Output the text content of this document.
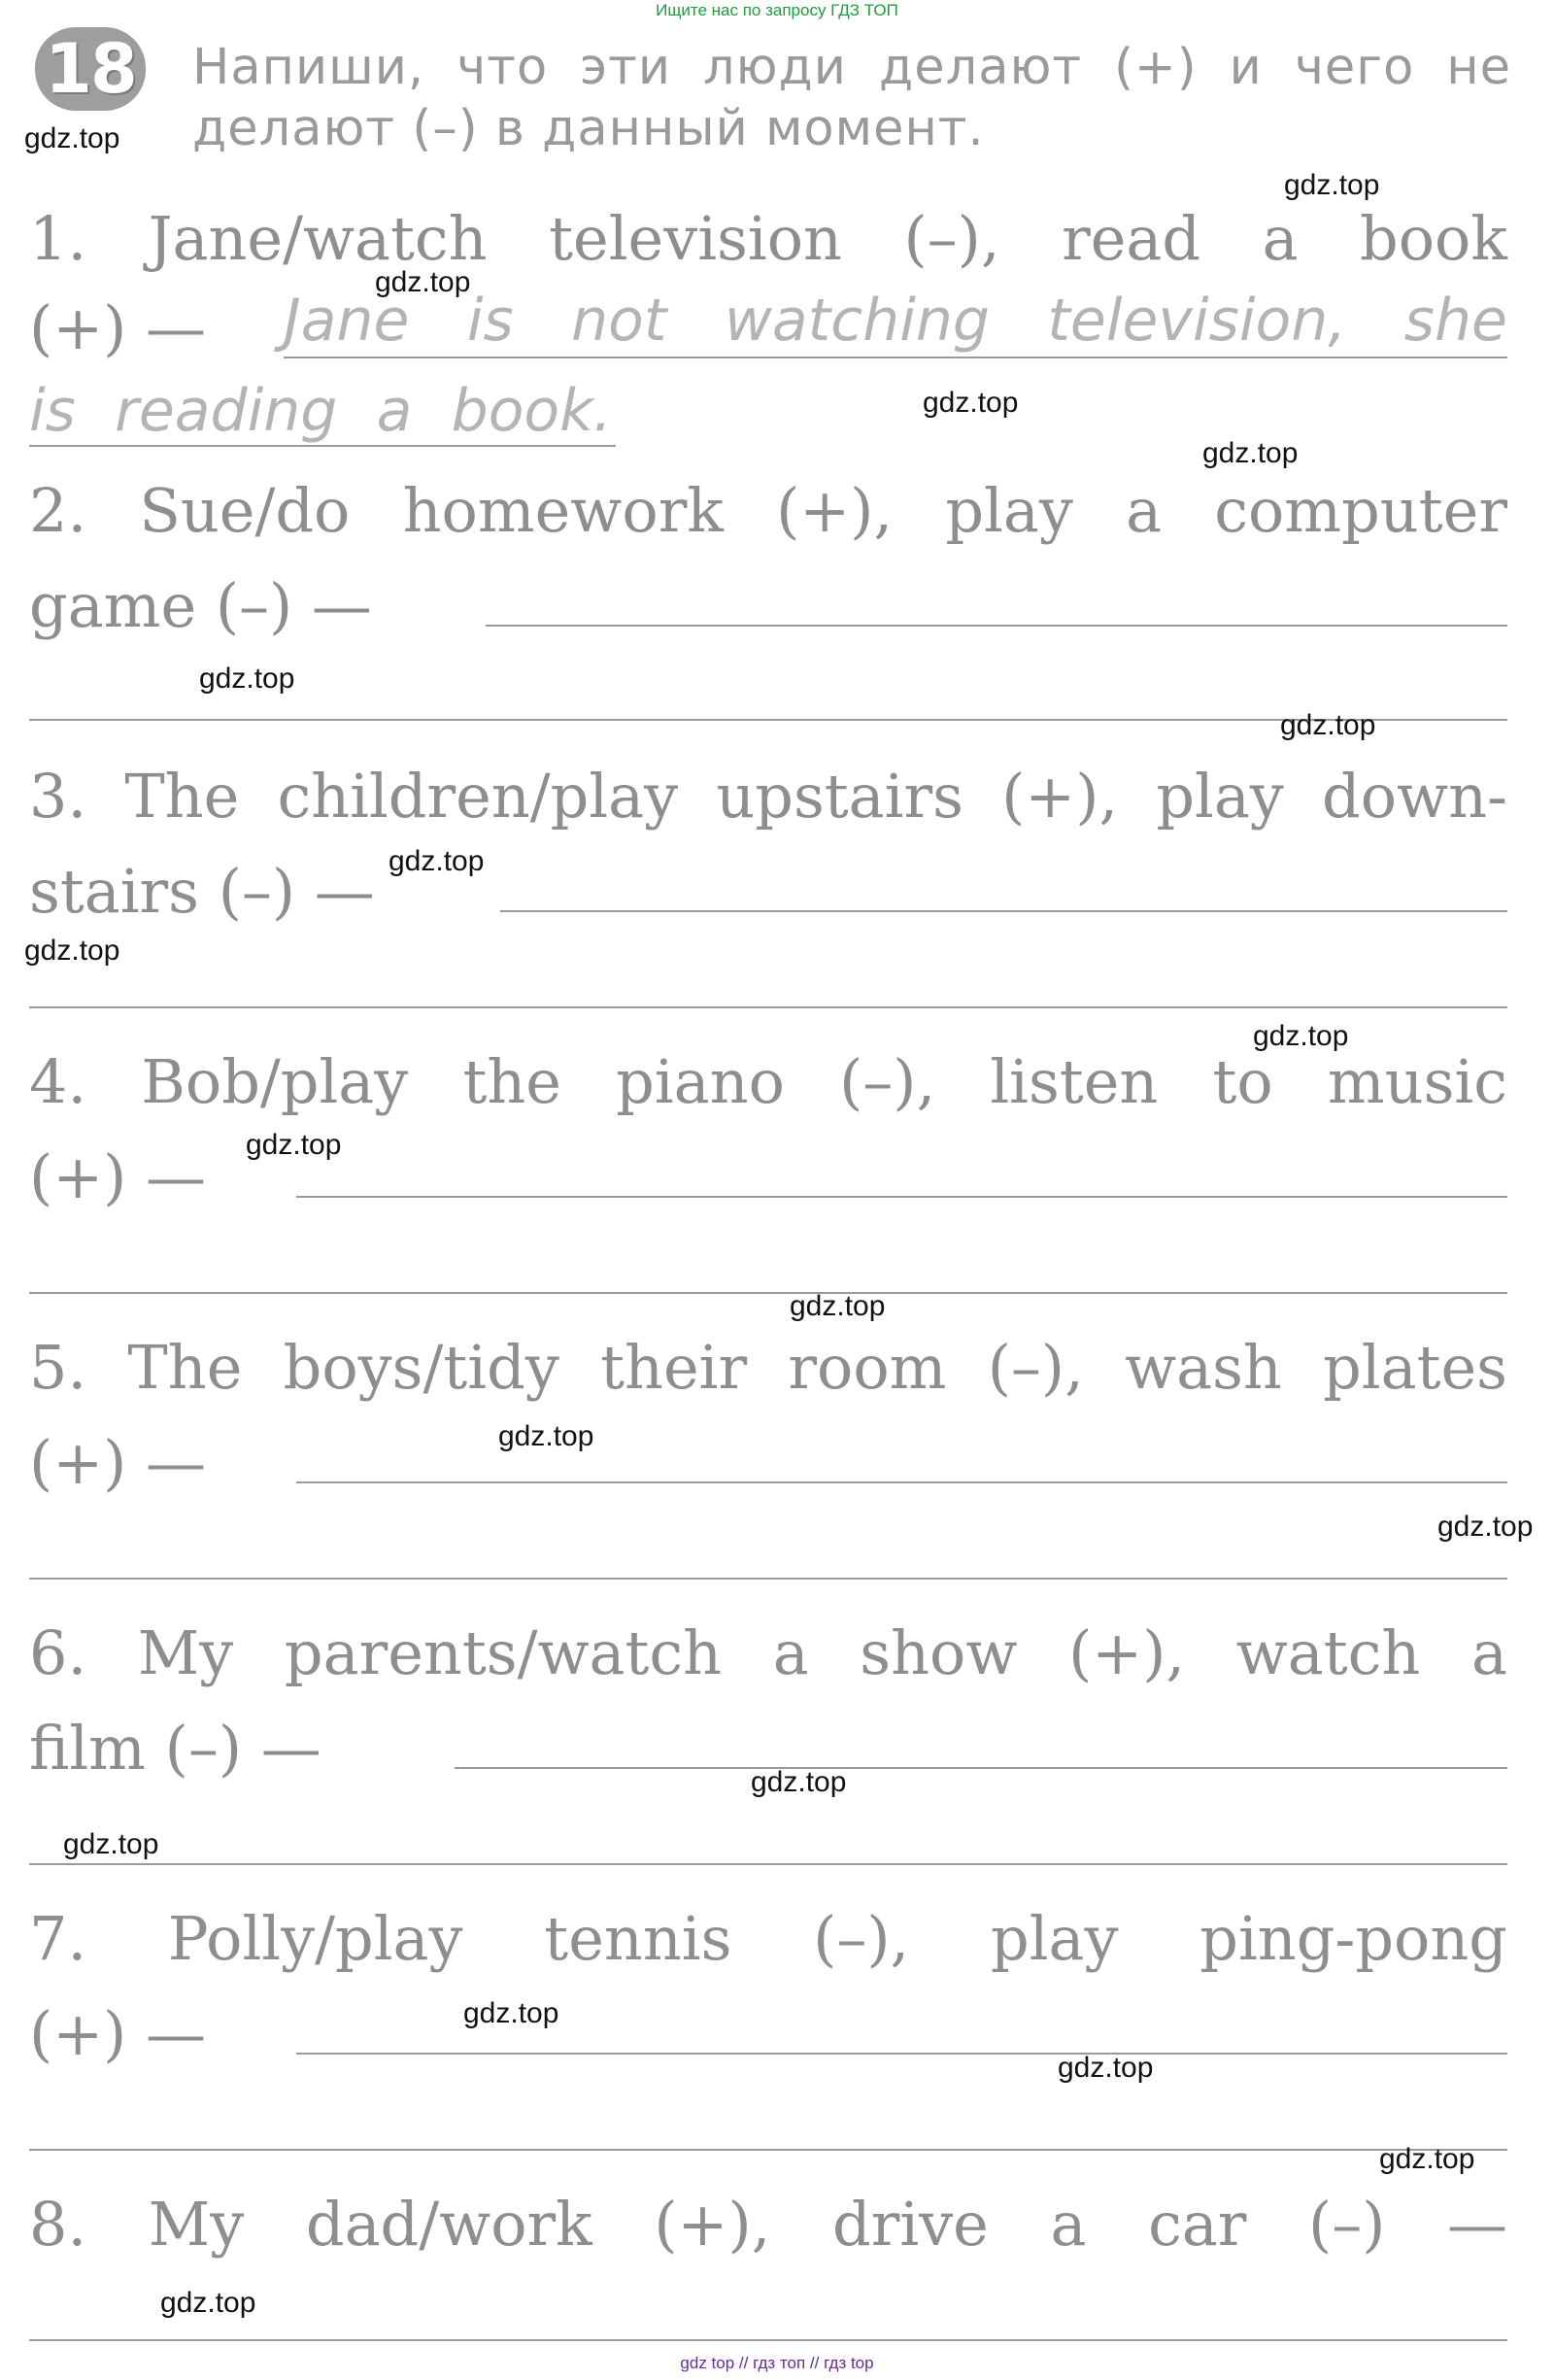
Ищите нас по запросу ГДЗ ТОП
18 Напиши, что эти люди делают (+) и чего не делают (–) в данный момент.
1. Jane/watch television (–), read a book
(+) —	Jane is not watching television, she
is reading a book.
2. Sue/do homework (+), play a computer
game (–) —
3. The children/play upstairs (+), play down-
stairs (–) —
4. Bob/play the piano (–), listen to music
(+) —
5. The boys/tidy their room (–), wash plates
(+) —
6. My parents/watch a show (+), watch a
film (–) —
7. Polly/play tennis (–), play ping-pong
(+) —
8. My dad/work (+), drive a car (–) —
gdz.top
gdz.top
gdz.top
gdz.top
gdz.top
gdz.top
gdz.top
gdz.top
gdz.top
gdz.top
gdz.top
gdz.top
gdz.top
gdz.top
gdz.top
gdz.top
gdz.top
gdz.top
gdz.top
gdz.top
gdz top // гдз топ // гдз top
